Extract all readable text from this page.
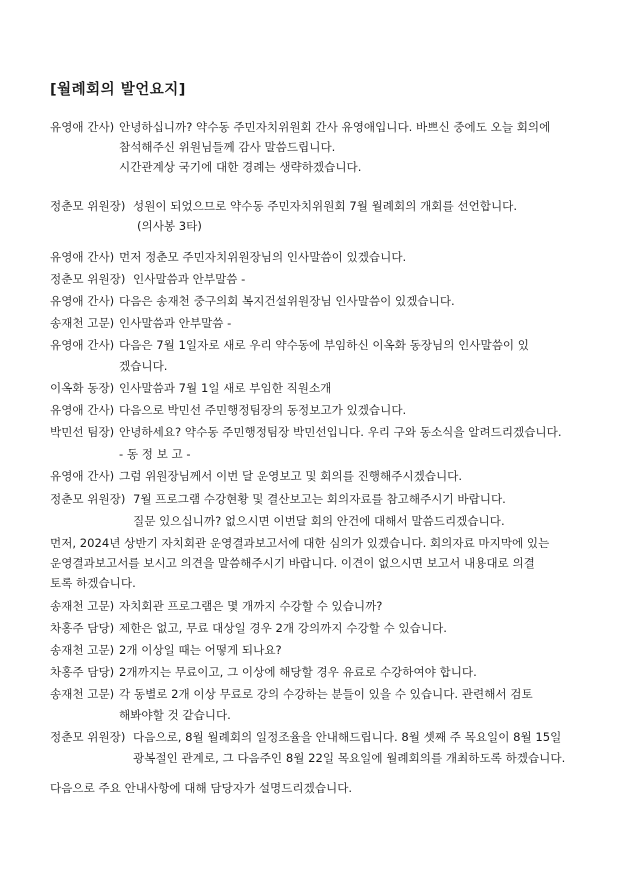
[월례회의 발언요지]
유영애 간사) 안녕하십니까? 약수동 주민자치위원회 간사 유영애입니다. 바쁘신 중에도 오늘 회의에
참석해주신 위원님들께 감사 말씀드립니다.
시간관계상 국기에 대한 경례는 생략하겠습니다.
정춘모 위원장) 성원이 되었으므로 약수동 주민자치위원회 7월 월례회의 개회를 선언합니다.
(의사봉 3타)
유영애 간사) 먼저 정춘모 주민자치위원장님의 인사말씀이 있겠습니다.
정춘모 위원장) 인사말씀과 안부말씀 -
유영애 간사) 다음은 송재천 중구의회 복지건설위원장님 인사말씀이 있겠습니다.
송재천 고문) 인사말씀과 안부말씀 -
유영애 간사) 다음은 7월 1일자로 새로 우리 약수동에 부임하신 이옥화 동장님의 인사말씀이 있
겠습니다.
이옥화 동장) 인사말씀과 7월 1일 새로 부임한 직원소개
유영애 간사) 다음으로 박민선 주민행정팀장의 동정보고가 있겠습니다.
박민선 팀장) 안녕하세요? 약수동 주민행정팀장 박민선입니다. 우리 구와 동소식을 알려드리겠습니다.
- 동 정 보 고 -
유영애 간사) 그럼 위원장님께서 이번 달 운영보고 및 회의를 진행해주시겠습니다.
정춘모 위원장) 7월 프로그램 수강현황 및 결산보고는 회의자료를 참고해주시기 바랍니다.
질문 있으십니까? 없으시면 이번달 회의 안건에 대해서 말씀드리겠습니다.
먼저, 2024년 상반기 자치회관 운영결과보고서에 대한 심의가 있겠습니다. 회의자료 마지막에 있는
운영결과보고서를 보시고 의견을 말씀해주시기 바랍니다. 이견이 없으시면 보고서 내용대로 의결
토록 하겠습니다.
송재천 고문) 자치회관 프로그램은 몇 개까지 수강할 수 있습니까?
차홍주 담당) 제한은 없고, 무료 대상일 경우 2개 강의까지 수강할 수 있습니다.
송재천 고문) 2개 이상일 때는 어떻게 되나요?
차홍주 담당) 2개까지는 무료이고, 그 이상에 해당할 경우 유료로 수강하여야 합니다.
송재천 고문) 각 동별로 2개 이상 무료로 강의 수강하는 분들이 있을 수 있습니다. 관련해서 검토
해봐야할 것 같습니다.
정춘모 위원장) 다음으로, 8월 월례회의 일정조율을 안내해드립니다. 8월 셋째 주 목요일이 8월 15일
광복절인 관계로, 그 다음주인 8월 22일 목요일에 월례회의를 개최하도록 하겠습니다.
다음으로 주요 안내사항에 대해 담당자가 설명드리겠습니다.
